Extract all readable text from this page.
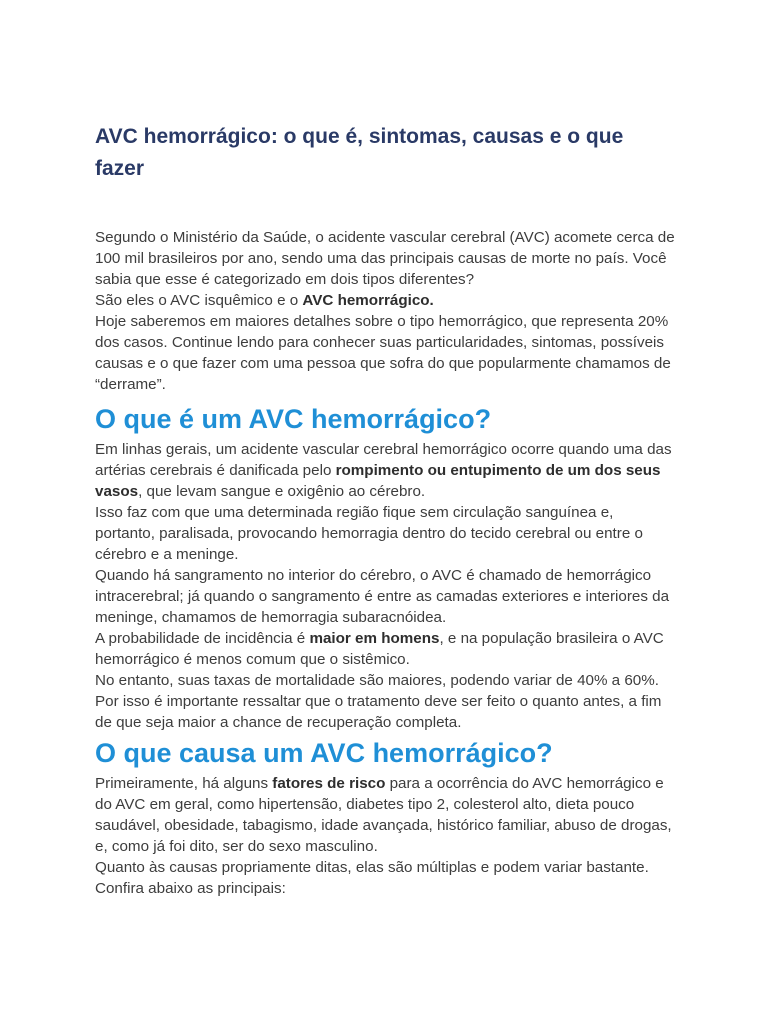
AVC hemorrágico: o que é, sintomas, causas e o que fazer

Segundo o Ministério da Saúde, o acidente vascular cerebral (AVC) acomete cerca de 100 mil brasileiros por ano, sendo uma das principais causas de morte no país. Você sabia que esse é categorizado em dois tipos diferentes?

São eles o AVC isquêmico e o AVC hemorrágico.

Hoje saberemos em maiores detalhes sobre o tipo hemorrágico, que representa 20% dos casos. Continue lendo para conhecer suas particularidades, sintomas, possíveis causas e o que fazer com uma pessoa que sofra do que popularmente chamamos de “derrame”.

O que é um AVC hemorrágico?

Em linhas gerais, um acidente vascular cerebral hemorrágico ocorre quando uma das artérias cerebrais é danificada pelo rompimento ou entupimento de um dos seus vasos, que levam sangue e oxigênio ao cérebro.

Isso faz com que uma determinada região fique sem circulação sanguínea e, portanto, paralisada, provocando hemorragia dentro do tecido cerebral ou entre o cérebro e a meninge.

Quando há sangramento no interior do cérebro, o AVC é chamado de hemorrágico intracerebral; já quando o sangramento é entre as camadas exteriores e interiores da meninge, chamamos de hemorragia subaracnóidea.

A probabilidade de incidência é maior em homens, e na população brasileira o AVC hemorrágico é menos comum que o sistêmico.

No entanto, suas taxas de mortalidade são maiores, podendo variar de 40% a 60%. Por isso é importante ressaltar que o tratamento deve ser feito o quanto antes, a fim de que seja maior a chance de recuperação completa.

O que causa um AVC hemorrágico?

Primeiramente, há alguns fatores de risco para a ocorrência do AVC hemorrágico e do AVC em geral, como hipertensão, diabetes tipo 2, colesterol alto, dieta pouco saudável, obesidade, tabagismo, idade avançada, histórico familiar, abuso de drogas, e, como já foi dito, ser do sexo masculino.

Quanto às causas propriamente ditas, elas são múltiplas e podem variar bastante. Confira abaixo as principais:
